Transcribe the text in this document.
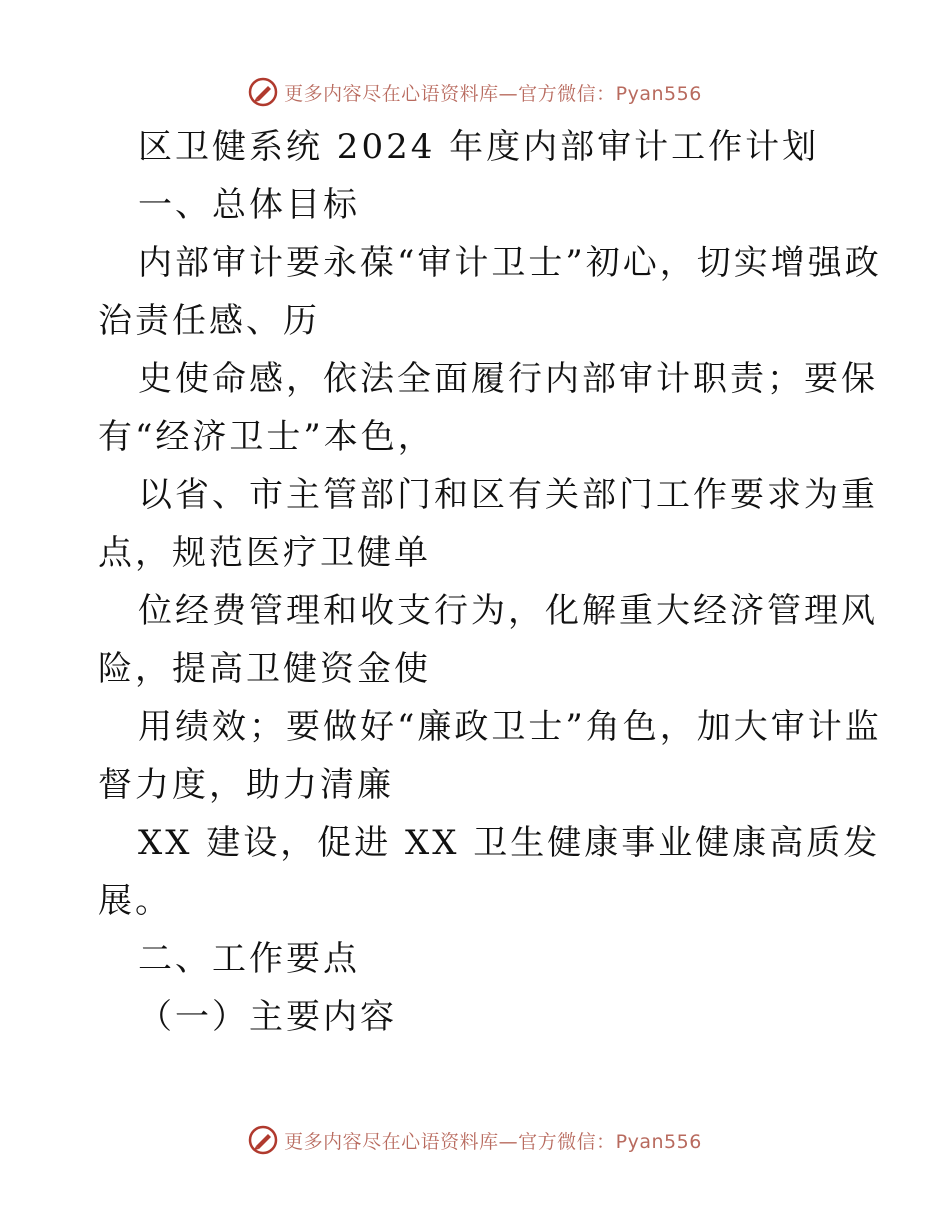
更多内容尽在心语资料库—官方微信：Pyan556
区卫健系统 2024 年度内部审计工作计划
一、总体目标
内部审计要永葆“审计卫士”初心，切实增强政
治责任感、历
史使命感，依法全面履行内部审计职责；要保
有“经济卫士”本色，
以省、市主管部门和区有关部门工作要求为重
点，规范医疗卫健单
位经费管理和收支行为，化解重大经济管理风
险，提高卫健资金使
用绩效；要做好“廉政卫士”角色，加大审计监
督力度，助力清廉
XX 建设，促进 XX 卫生健康事业健康高质发
展。
二、工作要点
（一）主要内容
更多内容尽在心语资料库—官方微信：Pyan556
